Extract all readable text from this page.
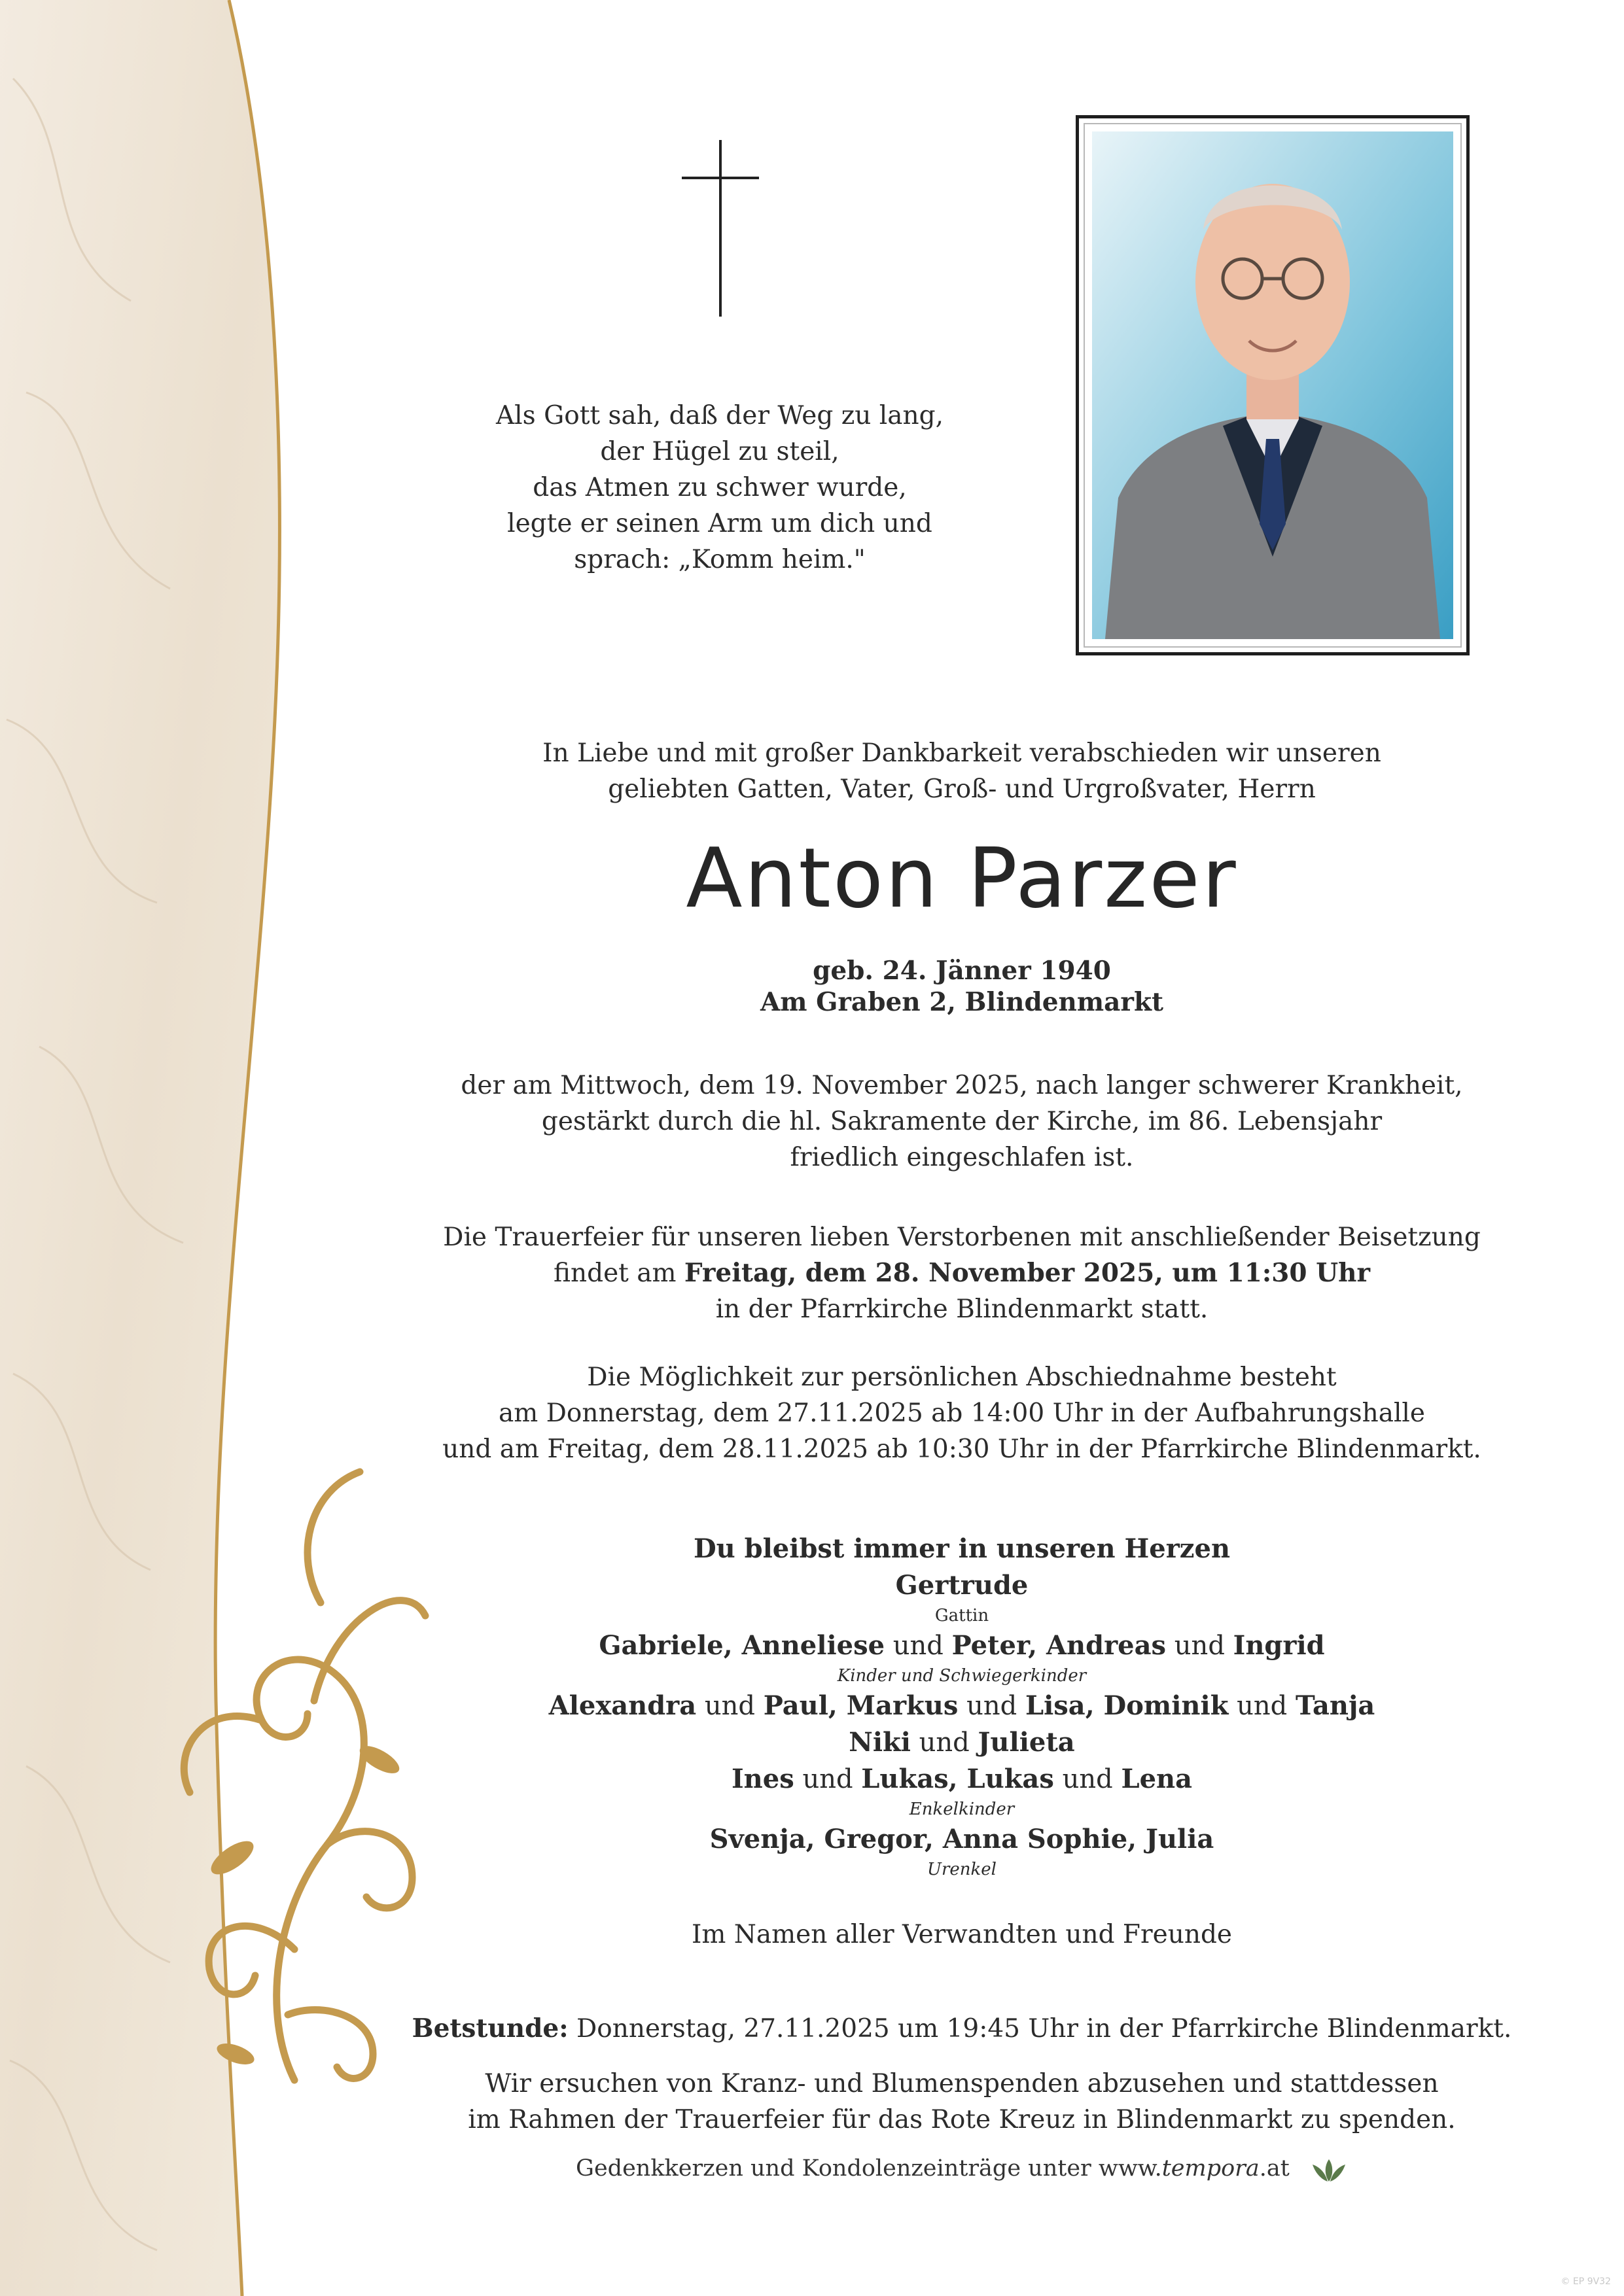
Als Gott sah, daß der Weg zu lang,
der Hügel zu steil,
das Atmen zu schwer wurde,
legte er seinen Arm um dich und
sprach: „Komm heim."
In Liebe und mit großer Dankbarkeit verabschieden wir unseren
geliebten Gatten, Vater, Groß- und Urgroßvater, Herrn
Anton Parzer
geb. 24. Jänner 1940
Am Graben 2, Blindenmarkt
der am Mittwoch, dem 19. November 2025, nach langer schwerer Krankheit,
gestärkt durch die hl. Sakramente der Kirche, im 86. Lebensjahr
friedlich eingeschlafen ist.
Die Trauerfeier für unseren lieben Verstorbenen mit anschließender Beisetzung
findet am Freitag, dem 28. November 2025, um 11:30 Uhr
in der Pfarrkirche Blindenmarkt statt.
Die Möglichkeit zur persönlichen Abschiednahme besteht
am Donnerstag, dem 27.11.2025 ab 14:00 Uhr in der Aufbahrungshalle
und am Freitag, dem 28.11.2025 ab 10:30 Uhr in der Pfarrkirche Blindenmarkt.
Du bleibst immer in unseren Herzen
Gertrude
Gattin
Gabriele, Anneliese und Peter, Andreas und Ingrid
Kinder und Schwiegerkinder
Alexandra und Paul, Markus und Lisa, Dominik und Tanja
Niki und Julieta
Ines und Lukas, Lukas und Lena
Enkelkinder
Svenja, Gregor, Anna Sophie, Julia
Urenkel
Im Namen aller Verwandten und Freunde
Betstunde: Donnerstag, 27.11.2025 um 19:45 Uhr in der Pfarrkirche Blindenmarkt.
Wir ersuchen von Kranz- und Blumenspenden abzusehen und stattdessen
im Rahmen der Trauerfeier für das Rote Kreuz in Blindenmarkt zu spenden.
Gedenkkerzen und Kondolenzeinträge unter www.tempora.at
© EP 9V32
